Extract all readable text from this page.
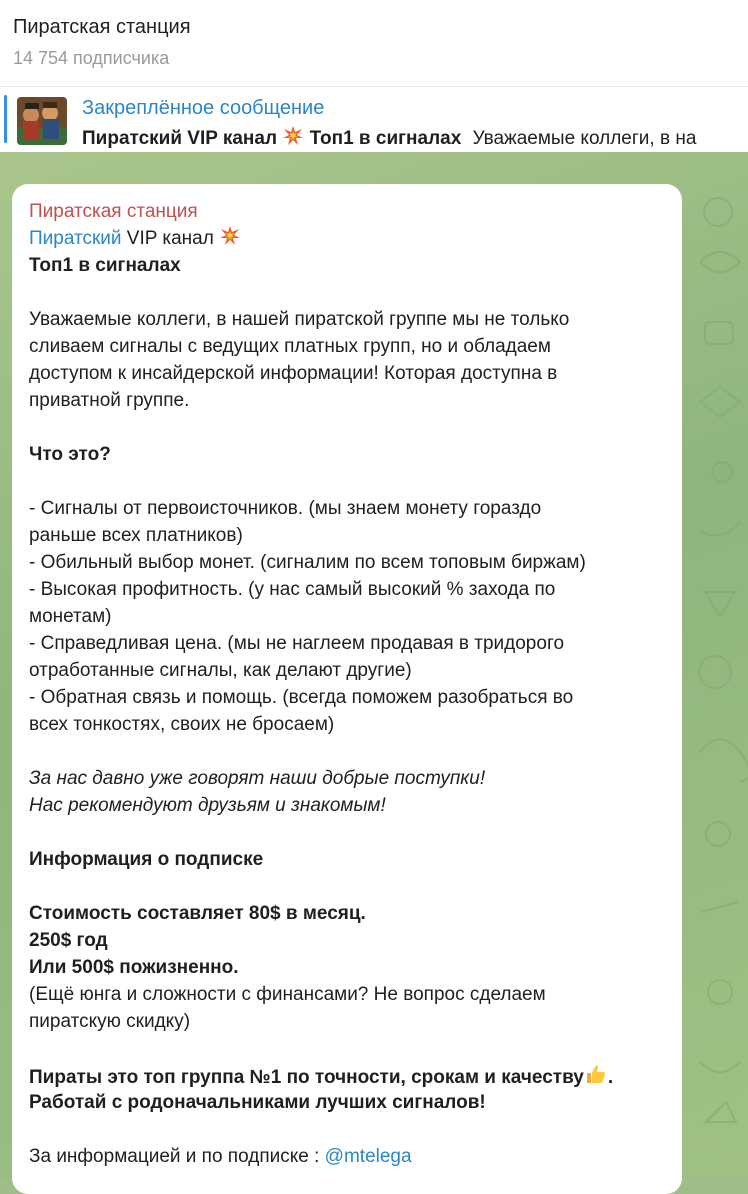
Пиратская станция
14 754 подписчика
Закреплённое сообщение
Пиратский VIP канал Топ1 в сигналах Уважаемые коллеги, в на
Пиратская станция
Пиратский VIP канал
Топ1 в сигналах
Уважаемые коллеги, в нашей пиратской группе мы не только
сливаем сигналы с ведущих платных групп, но и обладаем
доступом к инсайдерской информации! Которая доступна в
приватной группе.
Что это?
- Сигналы от первоисточников. (мы знаем монету гораздо
раньше всех платников)
- Обильный выбор монет. (сигналим по всем топовым биржам)
- Высокая профитность. (у нас самый высокий % захода по
монетам)
- Справедливая цена. (мы не наглеем продавая в тридорого
отработанные сигналы, как делают другие)
- Обратная связь и помощь. (всегда поможем разобраться во
всех тонкостях, своих не бросаем)
За нас давно уже говорят наши добрые поступки!
Нас рекомендуют друзьям и знакомым!
Информация о подписке
Стоимость составляет 80$ в месяц.
250$ год
Или 500$ пожизненно.
(Ещё юнга и сложности с финансами? Не вопрос сделаем
пиратскую скидку)
Пираты это топ группа №1 по точности, срокам и качеству .
Работай с родоначальниками лучших сигналов!
За информацией и по подписке : @mtelega
